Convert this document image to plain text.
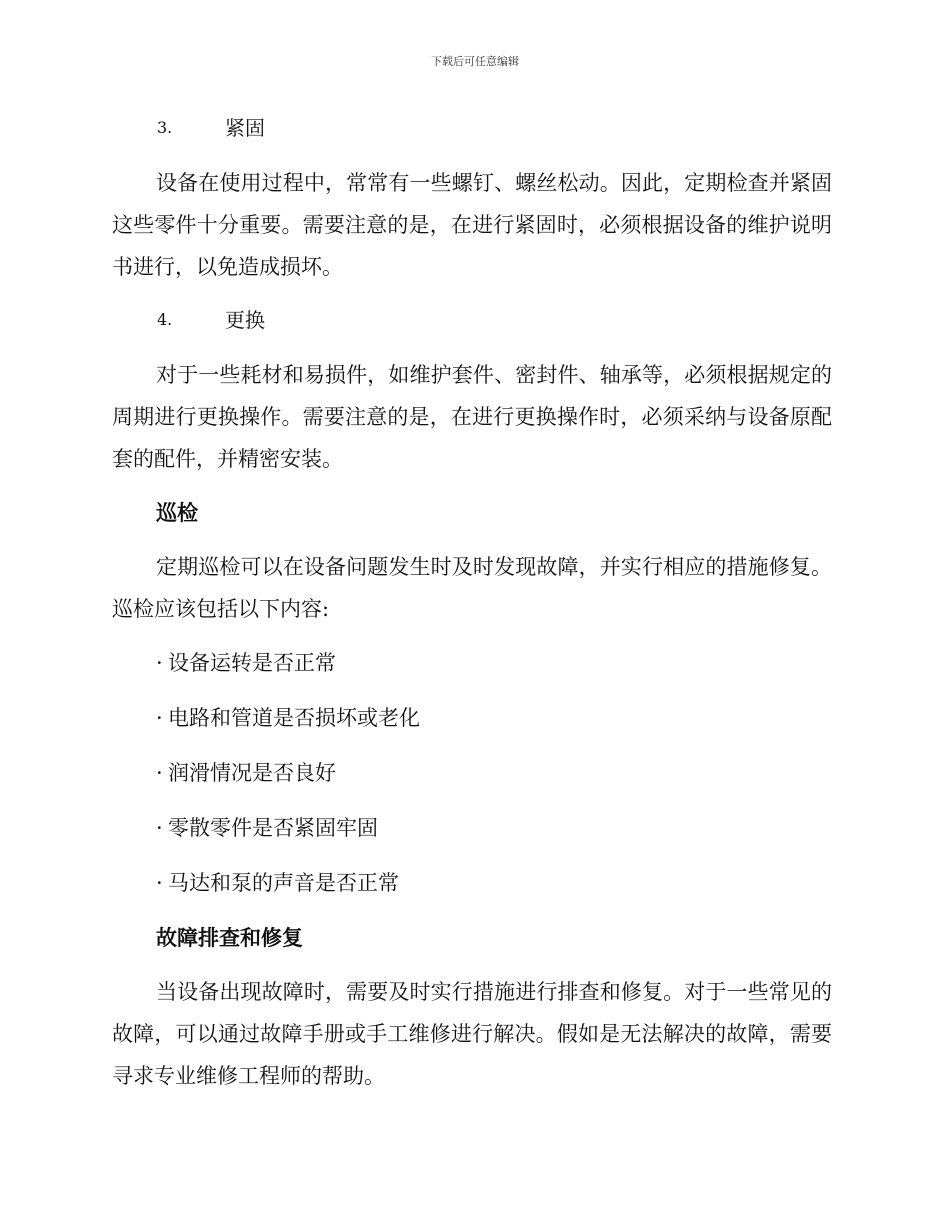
下载后可任意编辑
3.	紧固

设备在使用过程中，常常有一些螺钉、螺丝松动。因此，定期检查并紧固这些零件十分重要。需要注意的是，在进行紧固时，必须根据设备的维护说明书进行，以免造成损坏。

4.	更换

对于一些耗材和易损件，如维护套件、密封件、轴承等，必须根据规定的周期进行更换操作。需要注意的是，在进行更换操作时，必须采纳与设备原配套的配件，并精密安装。

巡检

定期巡检可以在设备问题发生时及时发现故障，并实行相应的措施修复。巡检应该包括以下内容:

· 设备运转是否正常
· 电路和管道是否损坏或老化
· 润滑情况是否良好
· 零散零件是否紧固牢固
· 马达和泵的声音是否正常
故障排查和修复

当设备出现故障时，需要及时实行措施进行排查和修复。对于一些常见的故障，可以通过故障手册或手工维修进行解决。假如是无法解决的故障，需要寻求专业维修工程师的帮助。
